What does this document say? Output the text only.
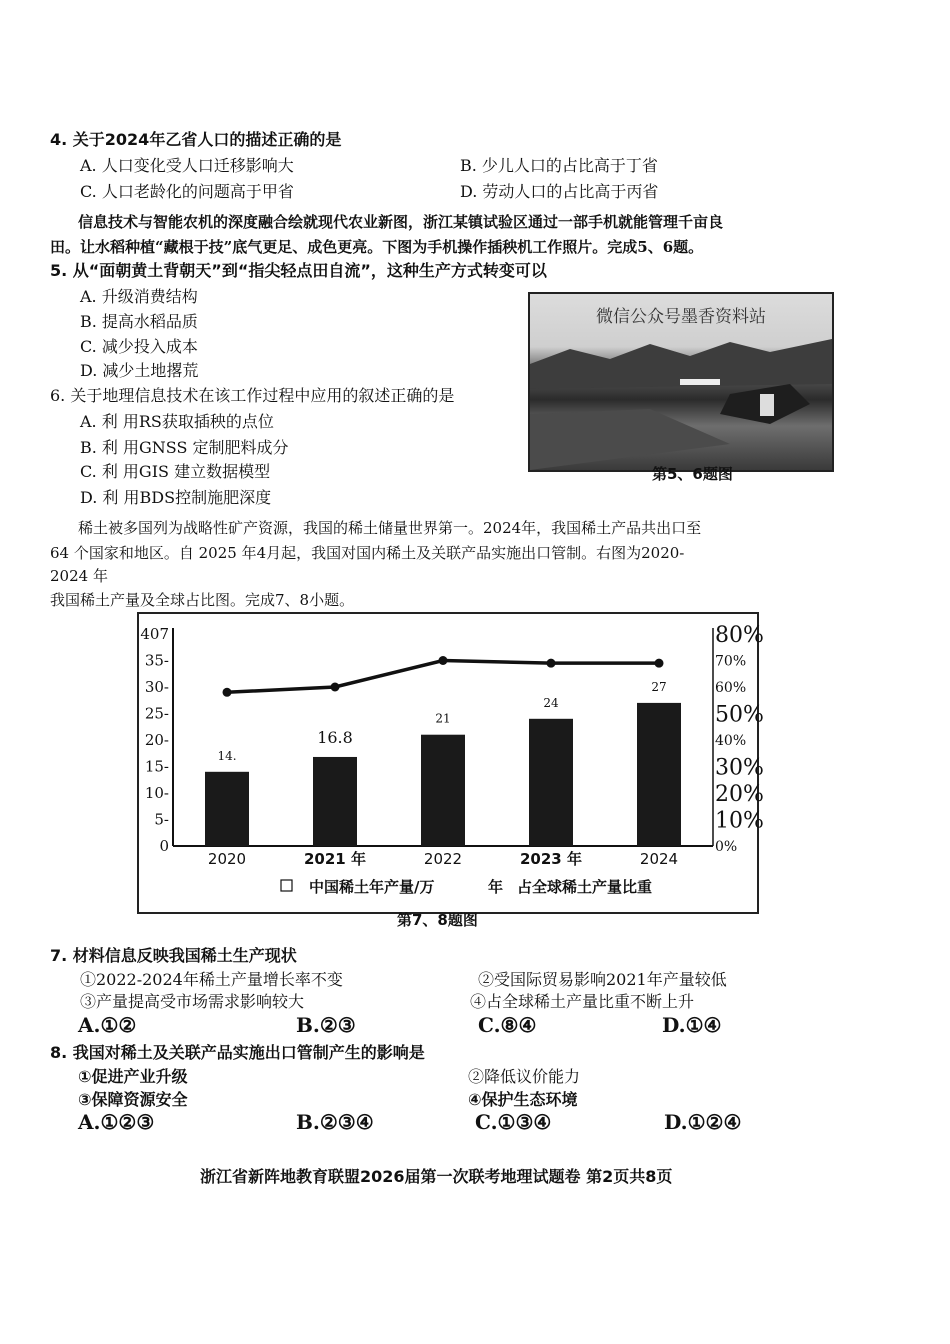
4. 关于2024年乙省人口的描述正确的是
A. 人口变化受人口迁移影响大	B. 少儿人口的占比高于丁省
C. 人口老龄化的问题高于甲省	D. 劳动人口的占比高于丙省
信息技术与智能农机的深度融合绘就现代农业新图，浙江某镇试验区通过一部手机就能管理千亩良
田。让水稻种植“藏根于技”底气更足、成色更亮。下图为手机操作插秧机工作照片。完成5、6题。
5. 从“面朝黄土背朝天”到“指尖轻点田自流”，这种生产方式转变可以
A. 升级消费结构
B. 提高水稻品质
C. 减少投入成本
D. 减少土地撂荒
6. 关于地理信息技术在该工作过程中应用的叙述正确的是
A. 利 用RS获取插秧的点位
B. 利 用GNSS 定制肥料成分
C. 利 用GIS 建立数据模型
D. 利 用BDS控制施肥深度
微信公众号墨香资料站
第5、6题图
稀土被多国列为战略性矿产资源，我国的稀土储量世界第一。2024年，我国稀土产品共出口至
64 个国家和地区。自 2025 年4月起，我国对国内稀土及关联产品实施出口管制。右图为2020-
2024 年
我国稀土产量及全球占比图。完成7、8小题。
0
5-
10-
15-
20-
25-
30-
35-
407
0%
10%
20%
30%
40%
50%
60%
70%
80%
14.
2020
16.8
2021 年
21
2022
24
2023 年
27
2024
中国稀土年产量/万	年 占全球稀土产量比重
第7、8题图
7. 材料信息反映我国稀土生产现状
①2022-2024年稀土产量增长率不变	②受国际贸易影响2021年产量较低
③产量提高受市场需求影响较大	④占全球稀土产量比重不断上升
A.①②	B.②③	C.⑧④	D.①④
8. 我国对稀土及关联产品实施出口管制产生的影响是
①促进产业升级	②降低议价能力
③保障资源安全	④保护生态环境
A.①②③	B.②③④	C.①③④	D.①②④
浙江省新阵地教育联盟2026届第一次联考地理试题卷 第2页共8页
